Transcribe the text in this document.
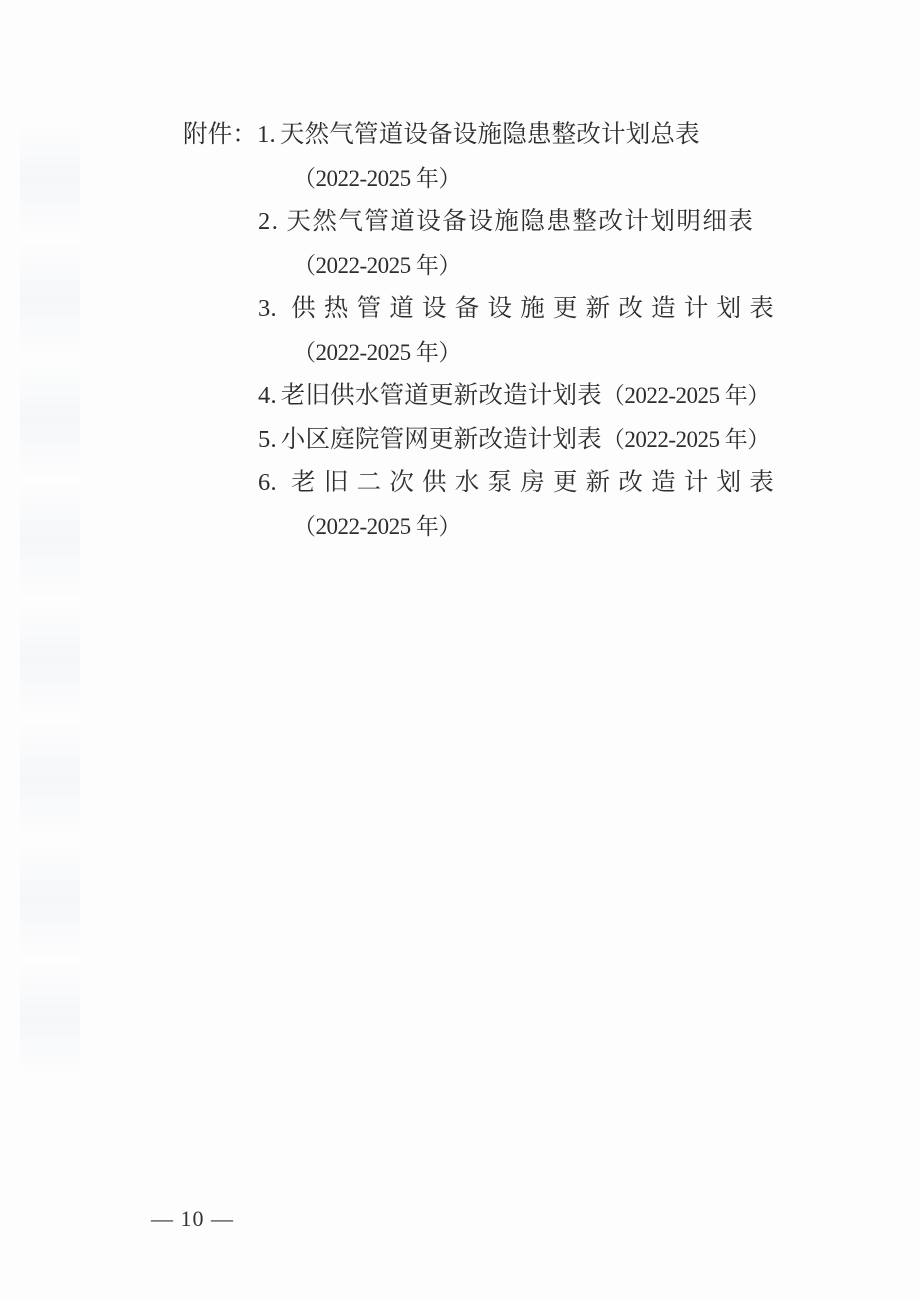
附件：1. 天然气管道设备设施隐患整改计划总表
（2022-2025 年）
2. 天然气管道设备设施隐患整改计划明细表
（2022-2025 年）
3. 供热管道设备设施更新改造计划表
（2022-2025 年）
4. 老旧供水管道更新改造计划表（2022-2025 年）
5. 小区庭院管网更新改造计划表（2022-2025 年）
6. 老旧二次供水泵房更新改造计划表
（2022-2025 年）
— 10 —
